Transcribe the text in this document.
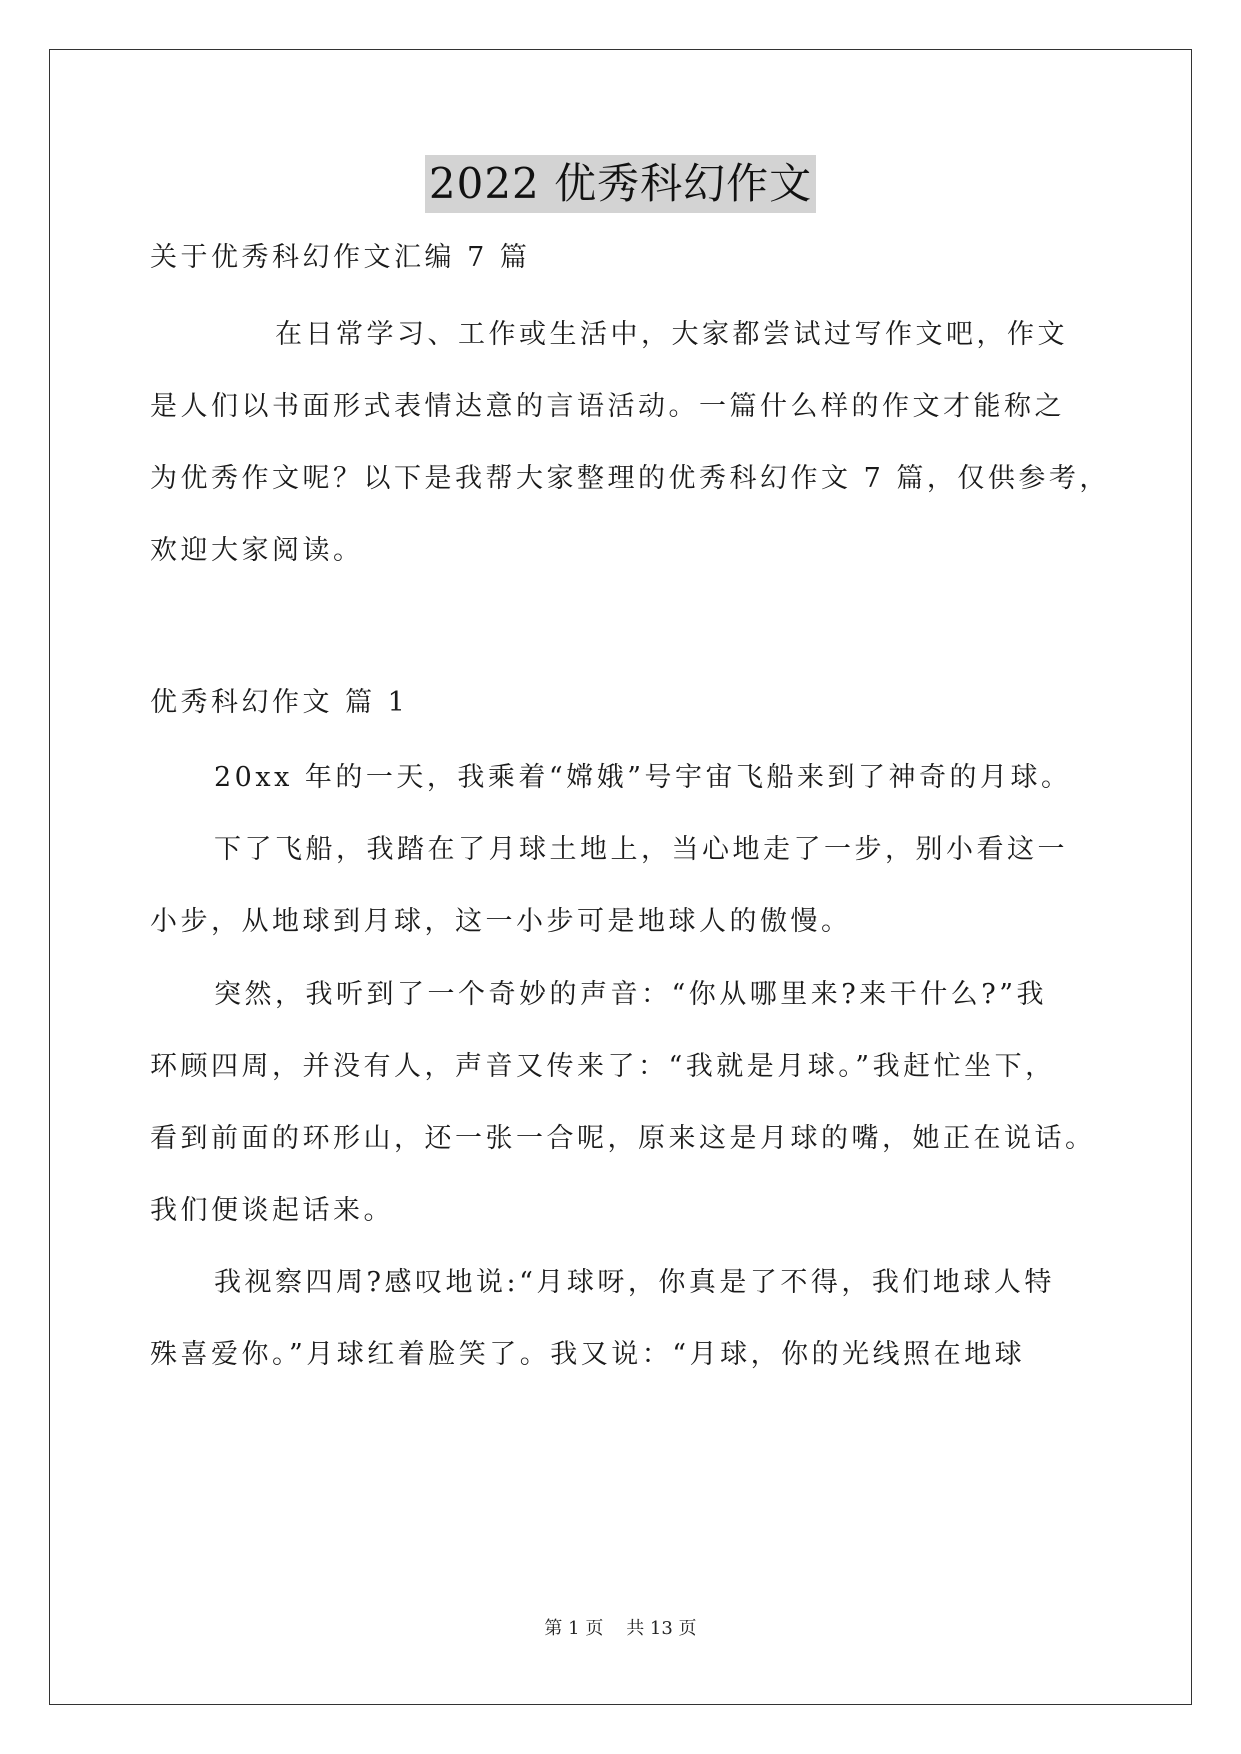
2022 优秀科幻作文
关于优秀科幻作文汇编 7 篇
在日常学习、工作或生活中，大家都尝试过写作文吧，作文
是人们以书面形式表情达意的言语活动。一篇什么样的作文才能称之
为优秀作文呢？以下是我帮大家整理的优秀科幻作文 7 篇，仅供参考，
欢迎大家阅读。
优秀科幻作文 篇 1
20xx 年的一天，我乘着“嫦娥”号宇宙飞船来到了神奇的月球。
下了飞船，我踏在了月球土地上，当心地走了一步，别小看这一
小步，从地球到月球，这一小步可是地球人的傲慢。
突然，我听到了一个奇妙的声音：“你从哪里来?来干什么?”我
环顾四周，并没有人，声音又传来了：“我就是月球。”我赶忙坐下，
看到前面的环形山，还一张一合呢，原来这是月球的嘴，她正在说话。
我们便谈起话来。
我视察四周?感叹地说:“月球呀，你真是了不得，我们地球人特
殊喜爱你。”月球红着脸笑了。我又说：“月球，你的光线照在地球
第 1 页    共 13 页
